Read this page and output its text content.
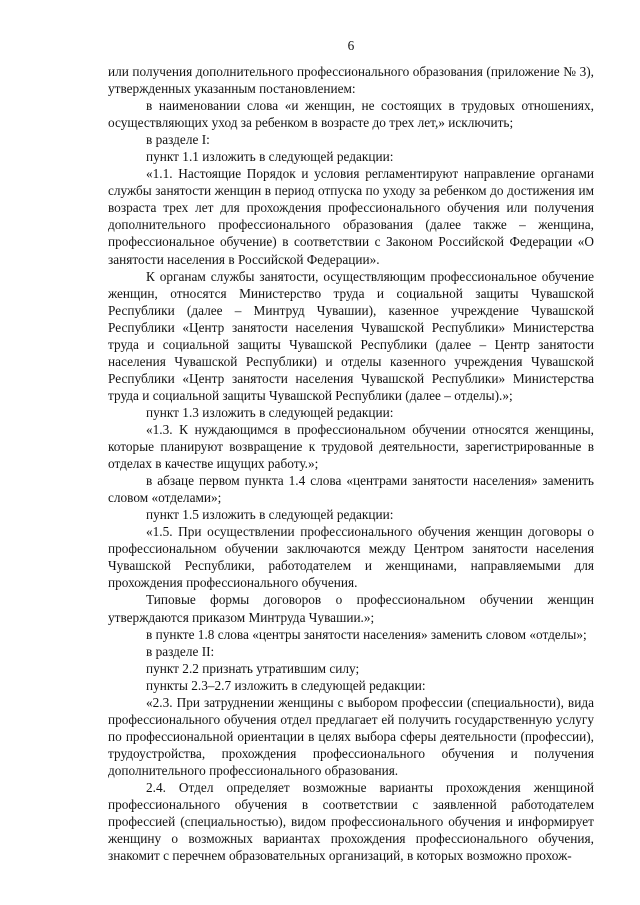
6

или получения дополнительного профессионального образования (приложение № 3), утвержденных указанным постановлением:

в наименовании слова «и женщин, не состоящих в трудовых отношениях, осуществляющих уход за ребенком в возрасте до трех лет,» исключить;

в разделе I:

пункт 1.1 изложить в следующей редакции:

«1.1. Настоящие Порядок и условия регламентируют направление органами службы занятости женщин в период отпуска по уходу за ребенком до достижения им возраста трех лет для прохождения профессионального обучения или получения дополнительного профессионального образования (далее также – женщина, профессиональное обучение) в соответствии с Законом Российской Федерации «О занятости населения в Российской Федерации».

К органам службы занятости, осуществляющим профессиональное обучение женщин, относятся Министерство труда и социальной защиты Чувашской Республики (далее – Минтруд Чувашии), казенное учреждение Чувашской Республики «Центр занятости населения Чувашской Республики» Министерства труда и социальной защиты Чувашской Республики (далее – Центр занятости населения Чувашской Республики) и отделы казенного учреждения Чувашской Республики «Центр занятости населения Чувашской Республики» Министерства труда и социальной защиты Чувашской Республики (далее – отделы).»;

пункт 1.3 изложить в следующей редакции:

«1.3. К нуждающимся в профессиональном обучении относятся женщины, которые планируют возвращение к трудовой деятельности, зарегистрированные в отделах в качестве ищущих работу.»;

в абзаце первом пункта 1.4 слова «центрами занятости населения» заменить словом «отделами»;

пункт 1.5 изложить в следующей редакции:

«1.5. При осуществлении профессионального обучения женщин договоры о профессиональном обучении заключаются между Центром занятости населения Чувашской Республики, работодателем и женщинами, направляемыми для прохождения профессионального обучения.

Типовые формы договоров о профессиональном обучении женщин утверждаются приказом Минтруда Чувашии.»;

в пункте 1.8 слова «центры занятости населения» заменить словом «отделы»;

в разделе II:

пункт 2.2 признать утратившим силу;

пункты 2.3–2.7 изложить в следующей редакции:

«2.3. При затруднении женщины с выбором профессии (специальности), вида профессионального обучения отдел предлагает ей получить государственную услугу по профессиональной ориентации в целях выбора сферы деятельности (профессии), трудоустройства, прохождения профессионального обучения и получения дополнительного профессионального образования.

2.4. Отдел определяет возможные варианты прохождения женщиной профессионального обучения в соответствии с заявленной работодателем профессией (специальностью), видом профессионального обучения и информирует женщину о возможных вариантах прохождения профессионального обучения, знакомит с перечнем образовательных организаций, в которых возможно прохож-
